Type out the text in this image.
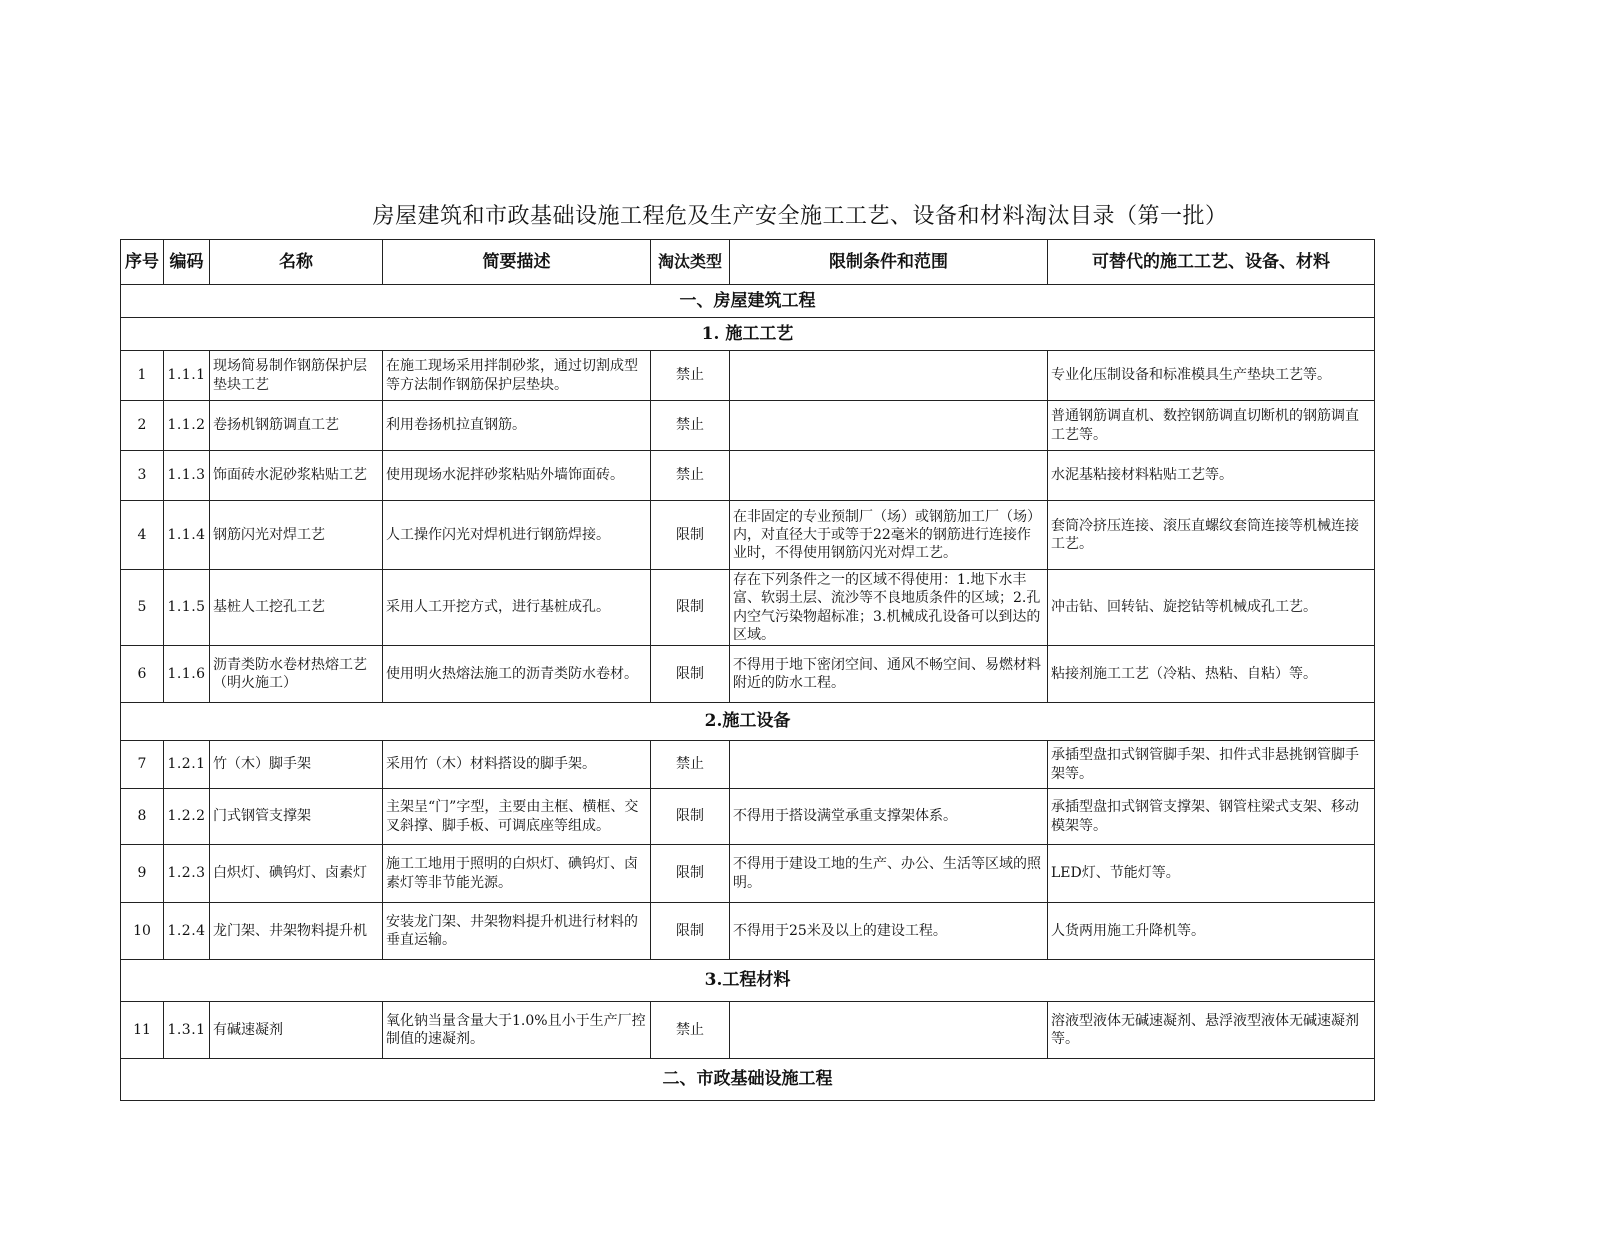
房屋建筑和市政基础设施工程危及生产安全施工工艺、设备和材料淘汰目录（第一批）
序号	编码	名称	简要描述	淘汰类型	限制条件和范围	可替代的施工工艺、设备、材料
一、房屋建筑工程						
1. 施工工艺						
1	1.1.1	现场简易制作钢筋保护层垫块工艺	在施工现场采用拌制砂浆，通过切割成型等方法制作钢筋保护层垫块。	禁止		专业化压制设备和标准模具生产垫块工艺等。
2	1.1.2	卷扬机钢筋调直工艺	利用卷扬机拉直钢筋。	禁止		普通钢筋调直机、数控钢筋调直切断机的钢筋调直工艺等。
3	1.1.3	饰面砖水泥砂浆粘贴工艺	使用现场水泥拌砂浆粘贴外墙饰面砖。	禁止		水泥基粘接材料粘贴工艺等。
4	1.1.4	钢筋闪光对焊工艺	人工操作闪光对焊机进行钢筋焊接。	限制	在非固定的专业预制厂（场）或钢筋加工厂（场）内，对直径大于或等于22毫米的钢筋进行连接作业时，不得使用钢筋闪光对焊工艺。	套筒冷挤压连接、滚压直螺纹套筒连接等机械连接工艺。
5	1.1.5	基桩人工挖孔工艺	采用人工开挖方式，进行基桩成孔。	限制	存在下列条件之一的区域不得使用：1.地下水丰富、软弱土层、流沙等不良地质条件的区域；2.孔内空气污染物超标准；3.机械成孔设备可以到达的区域。	冲击钻、回转钻、旋挖钻等机械成孔工艺。
6	1.1.6	沥青类防水卷材热熔工艺（明火施工）	使用明火热熔法施工的沥青类防水卷材。	限制	不得用于地下密闭空间、通风不畅空间、易燃材料附近的防水工程。	粘接剂施工工艺（冷粘、热粘、自粘）等。
2.施工设备						
7	1.2.1	竹（木）脚手架	采用竹（木）材料搭设的脚手架。	禁止		承插型盘扣式钢管脚手架、扣件式非悬挑钢管脚手架等。
8	1.2.2	门式钢管支撑架	主架呈“门”字型，主要由主框、横框、交叉斜撑、脚手板、可调底座等组成。	限制	不得用于搭设满堂承重支撑架体系。	承插型盘扣式钢管支撑架、钢管柱梁式支架、移动模架等。
9	1.2.3	白炽灯、碘钨灯、卤素灯	施工工地用于照明的白炽灯、碘钨灯、卤素灯等非节能光源。	限制	不得用于建设工地的生产、办公、生活等区域的照明。	LED灯、节能灯等。
10	1.2.4	龙门架、井架物料提升机	安装龙门架、井架物料提升机进行材料的垂直运输。	限制	不得用于25米及以上的建设工程。	人货两用施工升降机等。
3.工程材料						
11	1.3.1	有碱速凝剂	氧化钠当量含量大于1.0%且小于生产厂控制值的速凝剂。	禁止		溶液型液体无碱速凝剂、悬浮液型液体无碱速凝剂等。
二、市政基础设施工程						
